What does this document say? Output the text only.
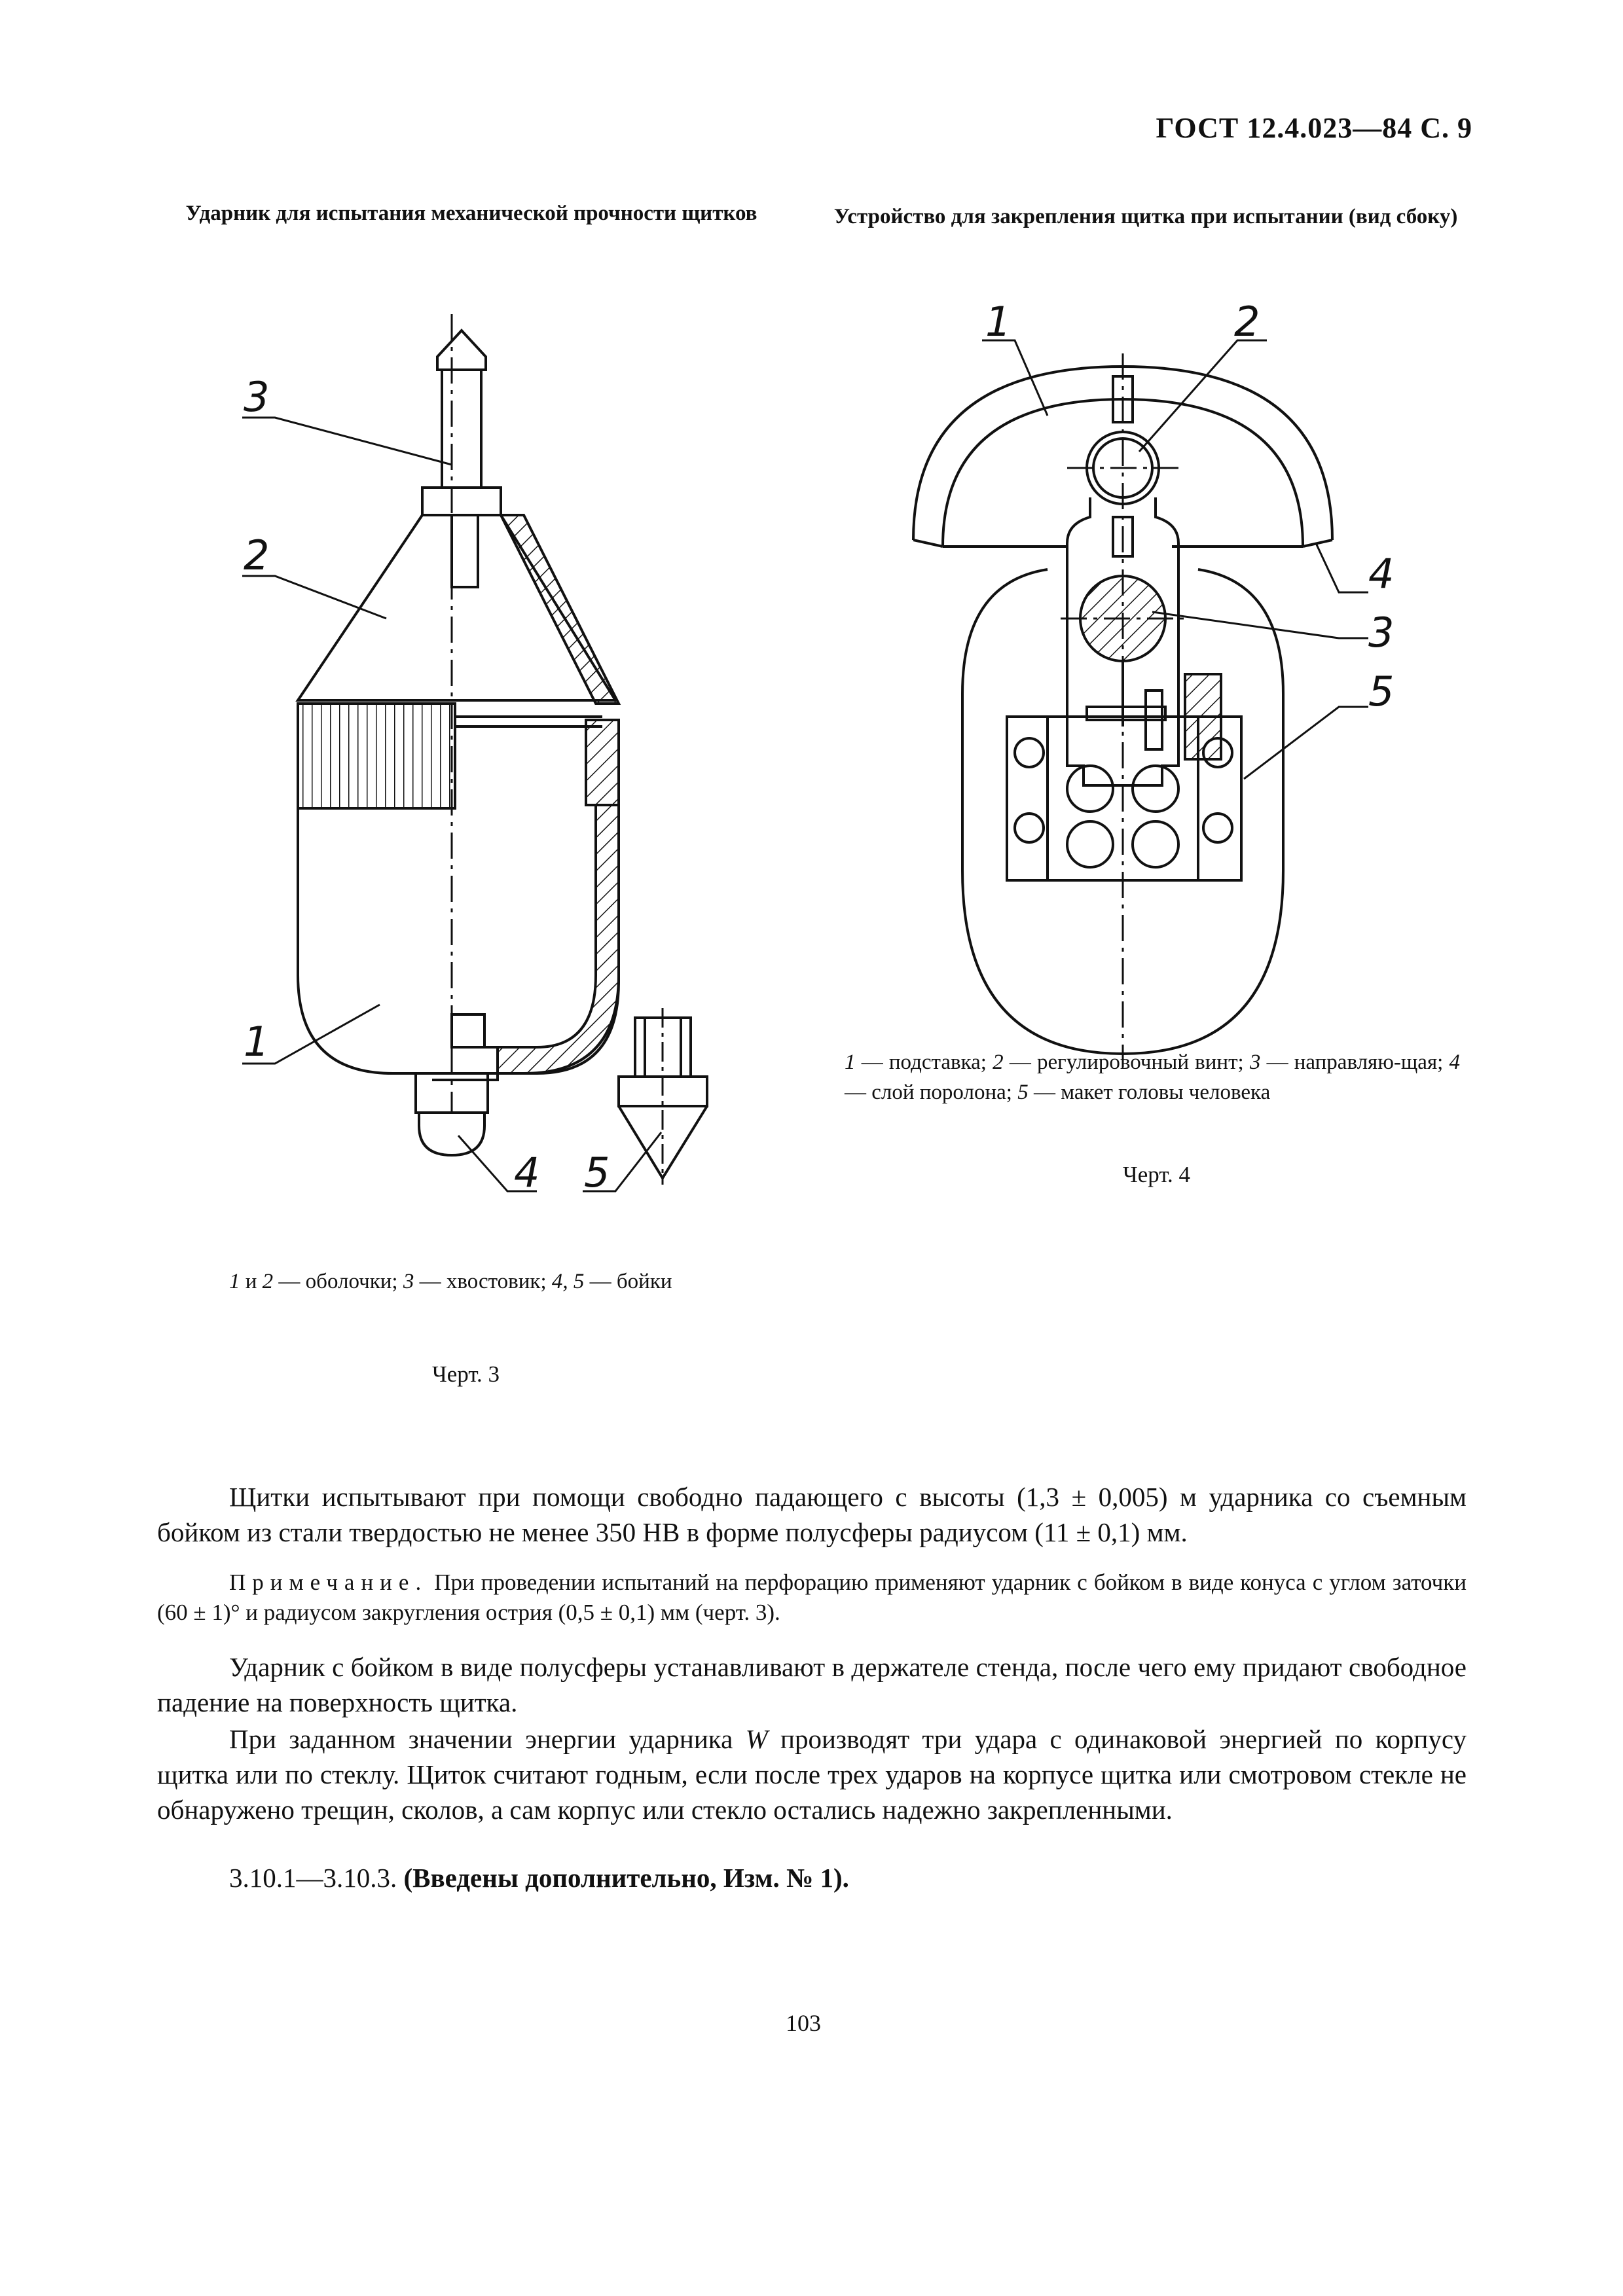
ГОСТ 12.4.023—84 С. 9
Ударник для испытания механической прочности щитков	Устройство для закрепления щитка при испытании (вид сбоку)
3
2
1
4 5
1	2
4
3
5
1 — подставка; 2 — регулировочный винт; 3 — направляю-щая; 4 — слой поролона; 5 — макет головы человека
Черт. 4
1 и 2 — оболочки; 3 — хвостовик; 4, 5 — бойки
Черт. 3
Щитки испытывают при помощи свободно падающего с высоты (1,3 ± 0,005) м ударника со съемным бойком из стали твердостью не менее 350 HB в форме полусферы радиусом (11 ± 0,1) мм.
Примечание. При проведении испытаний на перфорацию применяют ударник с бойком в виде конуса с углом заточки (60 ± 1)° и радиусом закругления острия (0,5 ± 0,1) мм (черт. 3).
Ударник с бойком в виде полусферы устанавливают в держателе стенда, после чего ему придают свободное падение на поверхность щитка.
При заданном значении энергии ударника W производят три удара с одинаковой энергией по корпусу щитка или по стеклу. Щиток считают годным, если после трех ударов на корпусе щитка или смотровом стекле не обнаружено трещин, сколов, а сам корпус или стекло остались надежно закрепленными.
3.10.1—3.10.3. (Введены дополнительно, Изм. № 1).
103
